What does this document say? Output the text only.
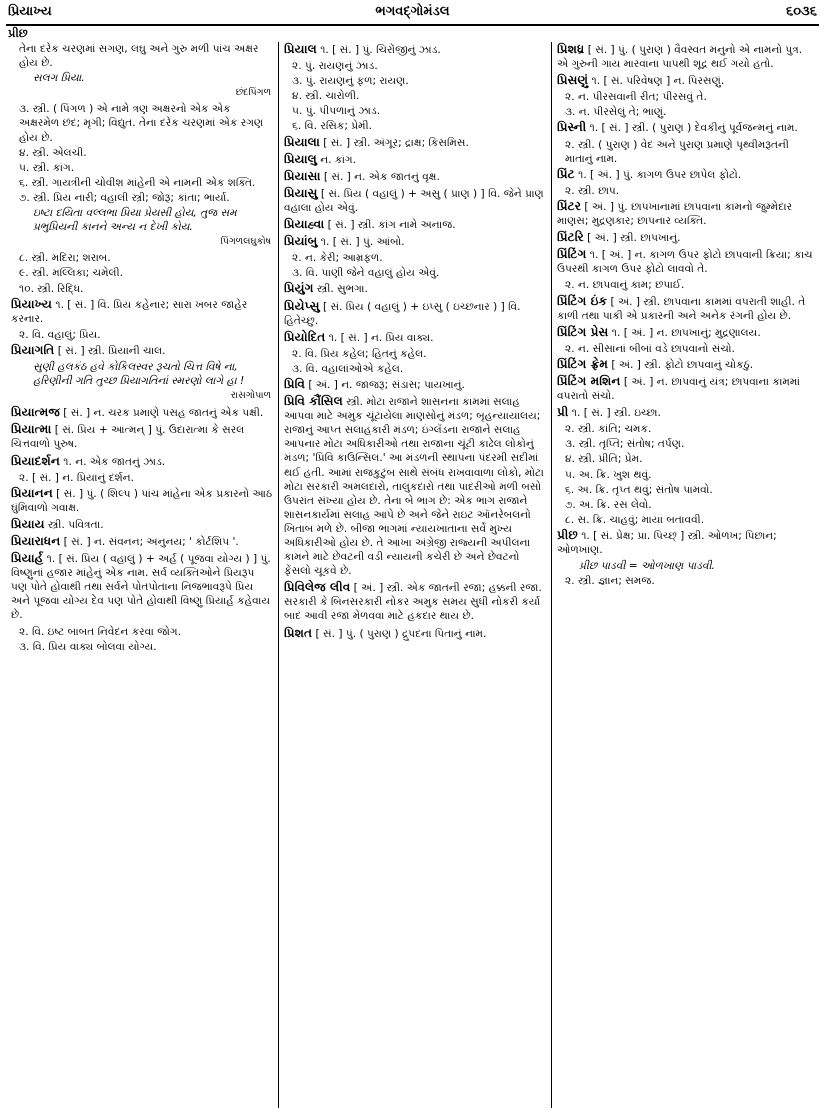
પ્રિયાખ્ય	ભગવદ્ગોમંડલ	૬૦૩૬
પ્રીછ
તેના દરેક ચરણમાં સગણ, લઘુ અને ગુરુ મળી પાંચ અક્ષર હોય છે.
સલગ પ્રિયા.
છંદપિંગળ
૩. સ્ત્રી. ( પિંગળ ) એ નામે ત્રણ અક્ષરનો એક એક અક્ષરમેળ છંદ; મૃગી; વિદ્યુત. તેના દરેક ચરણમાં એક રગણ હોય છે.
૪. સ્ત્રી. એલચી.
૫. સ્ત્રી. કાંગ.
૬. સ્ત્રી. ગાયત્રીની ચોવીશ માંહેની એ નામની એક શક્તિ.
૭. સ્ત્રી. પ્રિય નારી; વહાલી સ્ત્રી; જોરૂ; કાંતા; ભાર્યા.
ઇષ્ટા દયિતા વલ્લભા પ્રિયા પ્રેયસી હોય, તુજ સમ પ્રભુપ્રિયની કાનને અન્ય ન દેખી કોય.
પિંગળલઘુકોષ
૮. સ્ત્રી. મદિરા; શરાબ.
૯. સ્ત્રી. મલ્લિકા; ચમેલી.
૧૦. સ્ત્રી. રિદ્ધિ.
પ્રિયાખ્ય ૧. [ સં. ] વિ. પ્રિય કહેનાર; સારા ખબર જાહેર કરનાર.
૨. વિ. વહાલું; પ્રિય.
પ્રિયાગતિ [ સં. ] સ્ત્રી. પ્રિયાની ચાલ.
સુણી હલકંઠ હવે કોકિલસ્વર રૂચતો ચિત્ત વિષે ના, હરિણીની ગતિ તુચ્છ પ્રિયાગતિનાં સ્મરણો લાગે હા !
રાસગોપાળ
પ્રિયાત્મજ [ સં. ] ન. ચરક પ્રમાણે પસહ જાતનું એક પક્ષી.
પ્રિયાત્મા [ સં. પ્રિય + આત્મન્ ] પું. ઉદારાત્મા કે સરલ ચિત્તવાળો પુરુષ.
પ્રિયાદર્શન ૧. ન. એક જાતનું ઝાડ.
૨. [ સં. ] ન. પ્રિયાનું દર્શન.
પ્રિયાનન [ સં. ] પું. ( શિલ્પ ) પાંચ માંહેના એક પ્રકારનો આઠ ઘુંમિવાળો ગવાક્ષ.
પ્રિયાય સ્ત્રી. પવિત્રતા.
પ્રિયારાધન [ સં. ] ન. સંવનન; અનુનય; ' કોર્ટશિપ '.
પ્રિયાર્હ ૧. [ સં. પ્રિય ( વહાલું ) + અર્હ ( પૂજવા યોગ્ય ) ] પું. વિષ્ણુનાં હજાર માંહેનું એક નામ. સર્વ વ્યક્તિઓને પ્રિયરૂપ પણ પોતે હોવાથી તથા સર્વને પોતપોતાના નિજભાવરૂપે પ્રિય અને પૂજવા યોગ્ય દેવ પણ પોતે હોવાથી વિષ્ણુ પ્રિયાર્હ કહેવાય છે.
૨. વિ. ઇષ્ટ બાબત નિવેદન કરવા જોગ.
૩. વિ. પ્રિય વાક્ય બોલવા યોગ્ય.
પ્રિયાલ ૧. [ સં. ] પું. ચિરોંજીનું ઝાડ.
૨. પું. રાયણનું ઝાડ.
૩. પું. રાયણનું ફળ; રાયણ.
૪. સ્ત્રી. ચારોળી.
૫. પું. પીપળાનું ઝાડ.
૬. વિ. રસિક; પ્રેમી.
પ્રિયાલા [ સં. ] સ્ત્રી. અંગૂર; દ્રાક્ષ; કિસમિસ.
પ્રિયાલુ ન. કાંગ.
પ્રિયાસા [ સં. ] ન. એક જાતનું વૃક્ષ.
પ્રિયાસુ [ સં. પ્રિય ( વહાલું ) + અસુ ( પ્રાણ ) ] વિ. જેને પ્રાણ વહાલા હોય એવું.
પ્રિયાહ્વા [ સં. ] સ્ત્રી. કાંગ નામે અનાજ.
પ્રિયાંબુ ૧. [ સં. ] પું. આંબો.
૨. ન. કેરી; આમ્રફળ.
૩. વિ. પાણી જેને વહાલું હોય એવું.
પ્રિયુંગ સ્ત્રી. સુભગા.
પ્રિયેપ્સુ [ સં. પ્રિય ( વહાલું ) + ઇપ્સુ ( ઇચ્છનાર ) ] વિ. હિતેચ્છુ.
પ્રિયોદિત ૧. [ સં. ] ન. પ્રિય વાક્ય.
૨. વિ. પ્રિય કહેલ; હિતનું કહેલ.
૩. વિ. વહાલાંઓએ કહેલ.
પ્રિવિ [ અં. ] ન. જાજરૂ; સંડાસ; પાયખાનું.
પ્રિવિ કૌંસિલ સ્ત્રી. મોટા રાજાને શાસનના કામમાં સલાહ આપવા માટે અમુક ચૂંટાયેલા માણસોનું મંડળ; બૃહન્યાયાલય; રાજાનું આપ્ત સલાહકારી મંડળ; ઇંગ્લૅંડના રાજાને સલાહ આપનાર મોટા અધિકારીઓ તથા રાજાના ચૂંટી કાઢેલ લોકોનું મંડળ; 'પ્રિવિ કાઉન્સિલ.' આ મંડળની સ્થાપના પંદરમી સદીમાં થઈ હતી. આમાં રાજકુટુંબ સાથે સંબંધ રાખવાવાળા લોકો, મોટા મોટા સરકારી અમલદારો, તાલુકદારો તથા પાદરીઓ મળી બસો ઉપરાંત સંખ્યા હોય છે. તેના બે ભાગ છે: એક ભાગ રાજાને શાસનકાર્યમાં સલાહ આપે છે અને જેને રાઇટ ઑનરેબલનો ખિતાબ મળે છે. બીજા ભાગમાં ન્યાયખાતાના સર્વે મુખ્ય અધિકારીઓ હોય છે. તે આખા અંગ્રેજી રાજ્યની અપીલના કામને માટે છેવટની વડી ન્યાયની કચેરી છે અને છેવટનો ફેંસલો ચૂકવે છે.
પ્રિવિલેજ લીવ [ અં. ] સ્ત્રી. એક જાતની રજા; હક્કની રજા. સરકારી કે બિનસરકારી નોકર અમુક સમય સુધી નોકરી કર્યા બાદ આવી રજા મેળવવા માટે હકદાર થાય છે.
પ્રિશત [ સં. ] પું. ( પુરાણ ) દ્રુપદના પિતાનું નામ.
પ્રિશધ્ર [ સં. ] પું. ( પુરાણ ) વૈવસ્વત મનુનો એ નામનો પુત્ર. એ ગુરુની ગાય મારવાના પાપથી શૂદ્ર થઈ ગયો હતો.
પ્રિસણું ૧. [ સં. પરિવેષણ ] ન. પિરસણું.
૨. ન. પીરસવાની રીત; પીરસવું તે.
૩. ન. પીરસેલું તે; ભાણું.
પ્રિસ્ની ૧. [ સં. ] સ્ત્રી. ( પુરાણ ) દેવકીનું પૂર્વજન્મનું નામ.
૨. સ્ત્રી. ( પુરાણ ) વેદ અને પુરાણ પ્રમાણે પૃથ્વીમરૂતની માતાનું નામ.
પ્રિંટ ૧. [ અં. ] પું. કાગળ ઉપર છાપેલ ફોટો.
૨. સ્ત્રી. છાપ.
પ્રિંટર [ અં. ] પું. છાપખાનામાં છાપવાના કામનો જુમ્મેદાર માણસ; મુદ્રણકાર; છાપનાર વ્યક્તિ.
પ્રિંટરિ [ અં. ] સ્ત્રી. છાપખાનું.
પ્રિંટિંગ ૧. [ અં. ] ન. કાગળ ઉપર ફોટો છાપવાની ક્રિયા; કાચ ઉપરથી કાગળ ઉપર ફોટો લાવવો તે.
૨. ન. છાપવાનું કામ; છપાઈ.
પ્રિંટિંગ ઇંક [ અં. ] સ્ત્રી. છાપવાના કામમાં વપરાતી શાહી. તે કાળી તથા પાકી એ પ્રકારની અને અનેક રંગની હોય છે.
પ્રિંટિંગ પ્રેસ ૧. [ અં. ] ન. છાપખાનું; મુદ્રણાલય.
૨. ન. સીસાનાં બીબાં વડે છાપવાનો સંચો.
પ્રિંટિંગ ફ્રેમ [ અં. ] સ્ત્રી. ફોટો છાપવાનું ચોકઠું.
પ્રિંટિંગ મશિન [ અં. ] ન. છાપવાનું યંત્ર; છાપવાના કામમાં વપરાતો સંચો.
પ્રી ૧. [ સં. ] સ્ત્રી. ઇચ્છા.
૨. સ્ત્રી. કાંતિ; ચમક.
૩. સ્ત્રી. તૃપ્તિ; સંતોષ; તર્પણ.
૪. સ્ત્રી. પ્રીતિ; પ્રેમ.
૫. અ. ક્રિ. ખુશ થવું.
૬. અ. ક્રિ. તૃપ્ત થવું; સંતોષ પામવો.
૭. અ. ક્રિ. રસ લેવો.
૮. સ. ક્રિ. ચાહવું; માયા બતાવવી.
પ્રીછ ૧. [ સં. પ્રેક્ષ; પ્રા. પિચ્છ્ ] સ્ત્રી. ઓળખ; પિછાન; ઓળખાણ.
પ્રીછ પાડવી = ઓળખાણ પાડવી.
૨. સ્ત્રી. જ્ઞાન; સમજ.
